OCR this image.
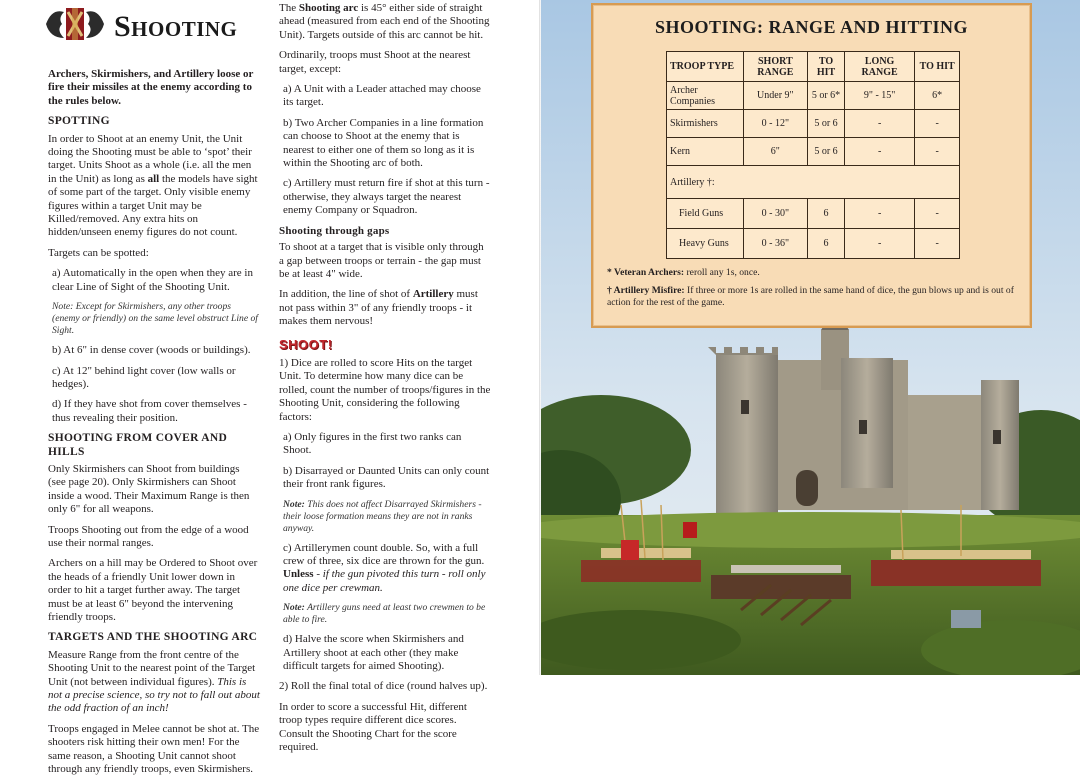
Shooting

Archers, Skirmishers, and Artillery loose or fire their missiles at the enemy according to the rules below.

SPOTTING

In order to Shoot at an enemy Unit, the Unit doing the Shooting must be able to ‘spot’ their target. Units Shoot as a whole (i.e. all the men in the Unit) as long as all the models have sight of some part of the target. Only visible enemy figures within a target Unit may be Killed/removed. Any extra hits on hidden/unseen enemy figures do not count.

Targets can be spotted:

a) Automatically in the open when they are in clear Line of Sight of the Shooting Unit.

Note: Except for Skirmishers, any other troops (enemy or friendly) on the same level obstruct Line of Sight.

b) At 6" in dense cover (woods or buildings).

c) At 12" behind light cover (low walls or hedges).

d) If they have shot from cover themselves - thus revealing their position.

SHOOTING FROM COVER AND HILLS

Only Skirmishers can Shoot from buildings (see page 20). Only Skirmishers can Shoot inside a wood. Their Maximum Range is then only 6" for all weapons.

Troops Shooting out from the edge of a wood use their normal ranges.

Archers on a hill may be Ordered to Shoot over the heads of a friendly Unit lower down in order to hit a target further away. The target must be at least 6" beyond the intervening friendly troops.

TARGETS AND THE SHOOTING ARC

Measure Range from the front centre of the Shooting Unit to the nearest point of the Target Unit (not between individual figures). This is not a precise science, so try not to fall out about the odd fraction of an inch!

Troops engaged in Melee cannot be shot at. The shooters risk hitting their own men! For the same reason, a Shooting Unit cannot shoot through any friendly troops, even Skirmishers.

The Shooting arc is 45° either side of straight ahead (measured from each end of the Shooting Unit). Targets outside of this arc cannot be hit.

Ordinarily, troops must Shoot at the nearest target, except:

a) A Unit with a Leader attached may choose its target.

b) Two Archer Companies in a line formation can choose to Shoot at the enemy that is nearest to either one of them so long as it is within the Shooting arc of both.

c) Artillery must return fire if shot at this turn - otherwise, they always target the nearest enemy Company or Squadron.

Shooting through gaps

To shoot at a target that is visible only through a gap between troops or terrain - the gap must be at least 4" wide.

In addition, the line of shot of Artillery must not pass within 3" of any friendly troops - it makes them nervous!

SHOOT!

1) Dice are rolled to score Hits on the target Unit. To determine how many dice can be rolled, count the number of troops/figures in the Shooting Unit, considering the following factors:

a) Only figures in the first two ranks can Shoot.

b) Disarrayed or Daunted Units can only count their front rank figures.

Note: This does not affect Disarrayed Skirmishers - their loose formation means they are not in ranks anyway.

c) Artillerymen count double. So, with a full crew of three, six dice are thrown for the gun. Unless - if the gun pivoted this turn - roll only one dice per crewman.

Note: Artillery guns need at least two crewmen to be able to fire.

d) Halve the score when Skirmishers and Artillery shoot at each other (they make difficult targets for aimed Shooting).

2) Roll the final total of dice (round halves up).

In order to score a successful Hit, different troop types require different dice scores. Consult the Shooting Chart for the score required.

SHOOTING: RANGE AND HITTING
TROOP TYPE	SHORT RANGE	TO HIT	LONG RANGE	TO HIT
Archer Companies	Under 9"	5 or 6*	9" - 15"	6*
Skirmishers	0 - 12"	5 or 6	-	-
Kern	6"	5 or 6	-	-
Artillery †:				
Field Guns	0 - 30"	6	-	-
Heavy Guns	0 - 36"	6	-	-
* Veteran Archers: reroll any 1s, once.
† Artillery Misfire: If three or more 1s are rolled in the same hand of dice, the gun blows up and is out of action for the rest of the game.
